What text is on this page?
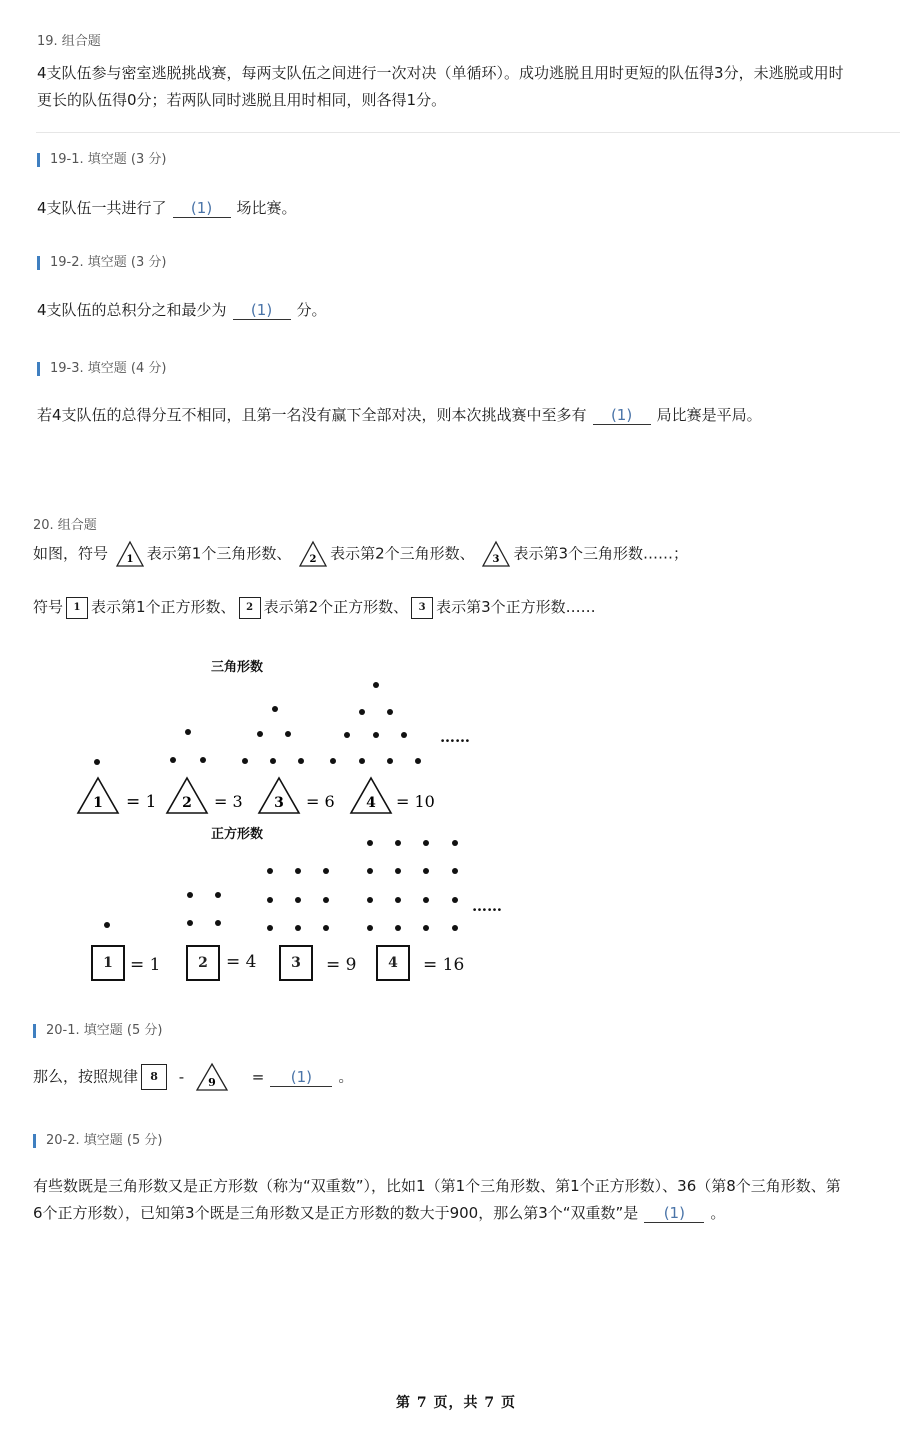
19. 组合题
4支队伍参与密室逃脱挑战赛，每两支队伍之间进行一次对决（单循环）。成功逃脱且用时更短的队伍得3分，未逃脱或用时
更长的队伍得0分；若两队同时逃脱且用时相同，则各得1分。
19-1. 填空题 (3 分)
4支队伍一共进行了 (1) 场比赛。
19-2. 填空题 (3 分)
4支队伍的总积分之和最少为 (1) 分。
19-3. 填空题 (4 分)
若4支队伍的总得分互不相同，且第一名没有赢下全部对决，则本次挑战赛中至多有 (1) 局比赛是平局。
20. 组合题
如图，符号 1 表示第1个三角形数、 2 表示第2个三角形数、 3 表示第3个三角形数……；
符号 1 表示第1个正方形数、 2 表示第2个正方形数、 3 表示第3个正方形数……
三角形数
……
1 = 1 2 = 3 3 = 6 4 = 10
正方形数
……
1	= 1	2	= 4	3	= 9	4	= 16
20-1. 填空题 (5 分)
那么，按照规律 8 - 9 = (1) 。
20-2. 填空题 (5 分)
有些数既是三角形数又是正方形数（称为“双重数”），比如1（第1个三角形数、第1个正方形数）、36（第8个三角形数、第
6个正方形数），已知第3个既是三角形数又是正方形数的数大于900，那么第3个“双重数”是 (1) 。
第 7 页，共 7 页
